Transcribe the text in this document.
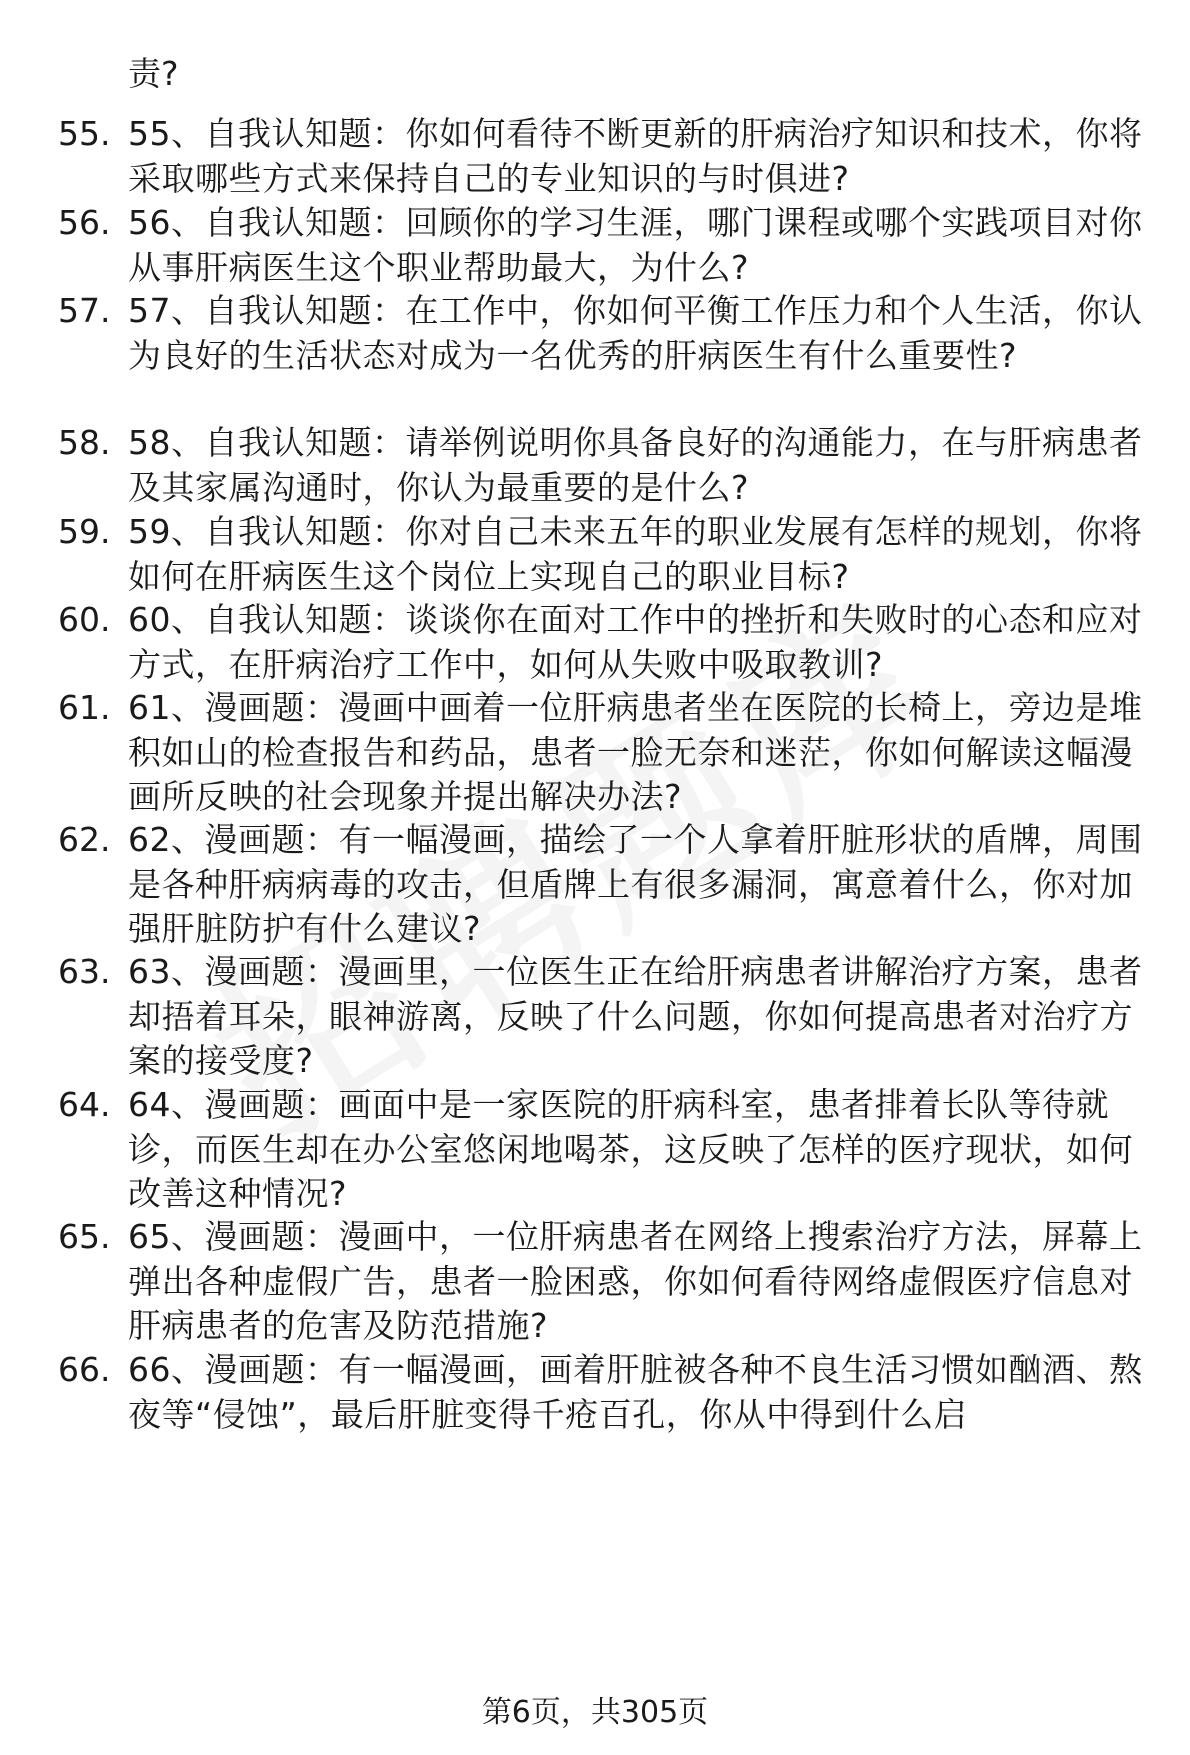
责?

55. 55、自我认知题：你如何看待不断更新的肝病治疗知识和技术，你将采取哪些方式来保持自己的专业知识的与时俱进?

56. 56、自我认知题：回顾你的学习生涯，哪门课程或哪个实践项目对你从事肝病医生这个职业帮助最大，为什么?

57. 57、自我认知题：在工作中，你如何平衡工作压力和个人生活，你认为良好的生活状态对成为一名优秀的肝病医生有什么重要性?

58. 58、自我认知题：请举例说明你具备良好的沟通能力，在与肝病患者及其家属沟通时，你认为最重要的是什么?

59. 59、自我认知题：你对自己未来五年的职业发展有怎样的规划，你将如何在肝病医生这个岗位上实现自己的职业目标?

60. 60、自我认知题：谈谈你在面对工作中的挫折和失败时的心态和应对方式，在肝病治疗工作中，如何从失败中吸取教训?

61. 61、漫画题：漫画中画着一位肝病患者坐在医院的长椅上，旁边是堆积如山的检查报告和药品，患者一脸无奈和迷茫，你如何解读这幅漫画所反映的社会现象并提出解决办法?

62. 62、漫画题：有一幅漫画，描绘了一个人拿着肝脏形状的盾牌，周围是各种肝病病毒的攻击，但盾牌上有很多漏洞，寓意着什么，你对加强肝脏防护有什么建议?

63. 63、漫画题：漫画里，一位医生正在给肝病患者讲解治疗方案，患者却捂着耳朵，眼神游离，反映了什么问题，你如何提高患者对治疗方案的接受度?

64. 64、漫画题：画面中是一家医院的肝病科室，患者排着长队等待就诊，而医生却在办公室悠闲地喝茶，这反映了怎样的医疗现状，如何改善这种情况?

65. 65、漫画题：漫画中，一位肝病患者在网络上搜索治疗方法，屏幕上弹出各种虚假广告，患者一脸困惑，你如何看待网络虚假医疗信息对肝病患者的危害及防范措施?

66. 66、漫画题：有一幅漫画，画着肝脏被各种不良生活习惯如酗酒、熬夜等“侵蚀”，最后肝脏变得千疮百孔，你从中得到什么启

第6页，共305页
